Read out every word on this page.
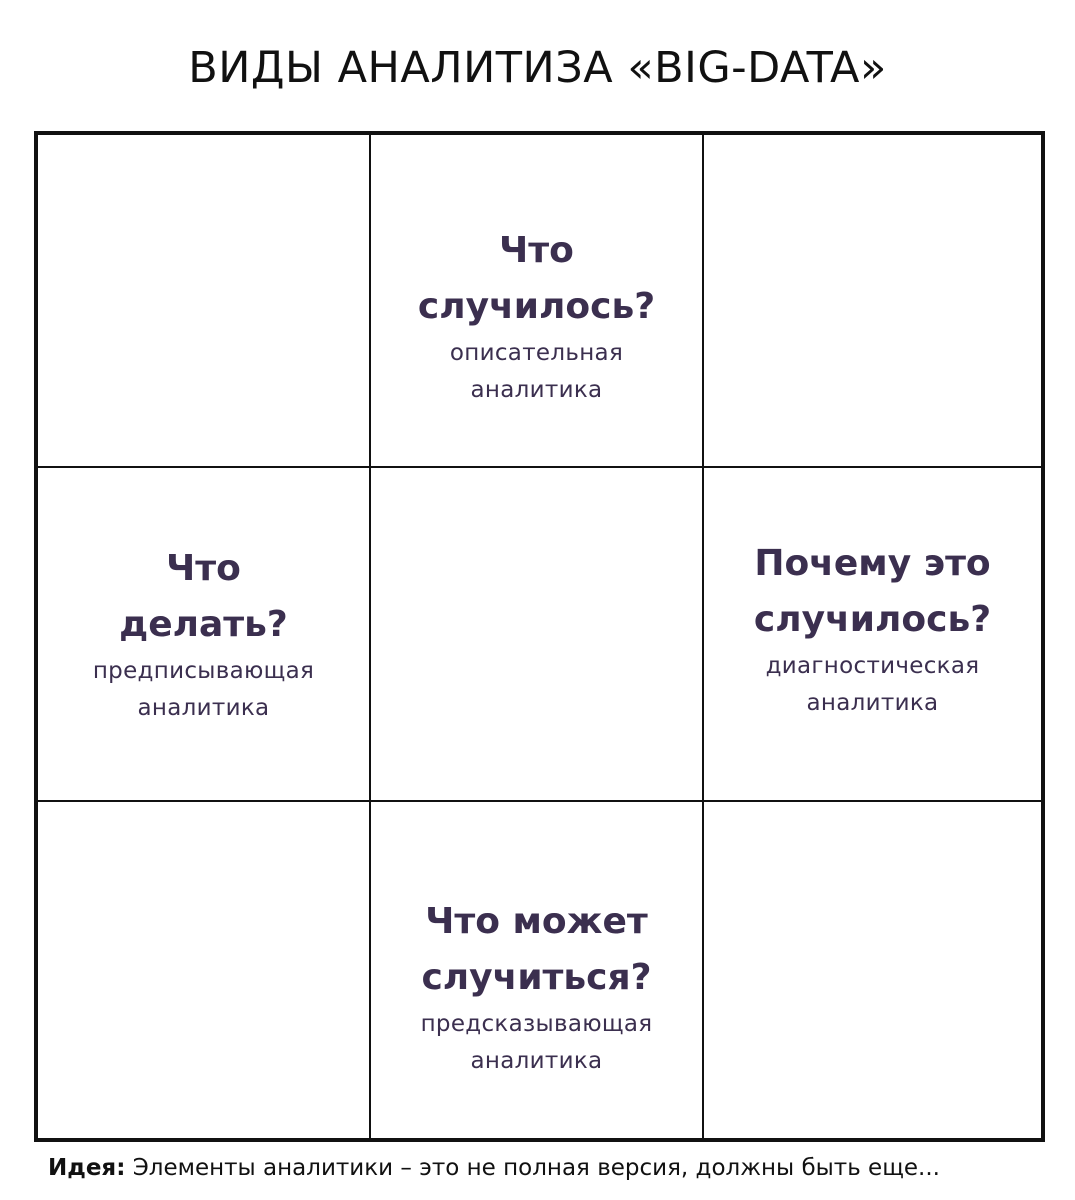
ВИДЫ АНАЛИТИЗА «BIG-DATA»
Что
случилось?
описательная
аналитика
Что
делать?
предписывающая
аналитика
Почему это
случилось?
диагностическая
аналитика
Что может
случиться?
предсказывающая
аналитика
Идея: Элементы аналитики – это не полная версия, должны быть еще...
